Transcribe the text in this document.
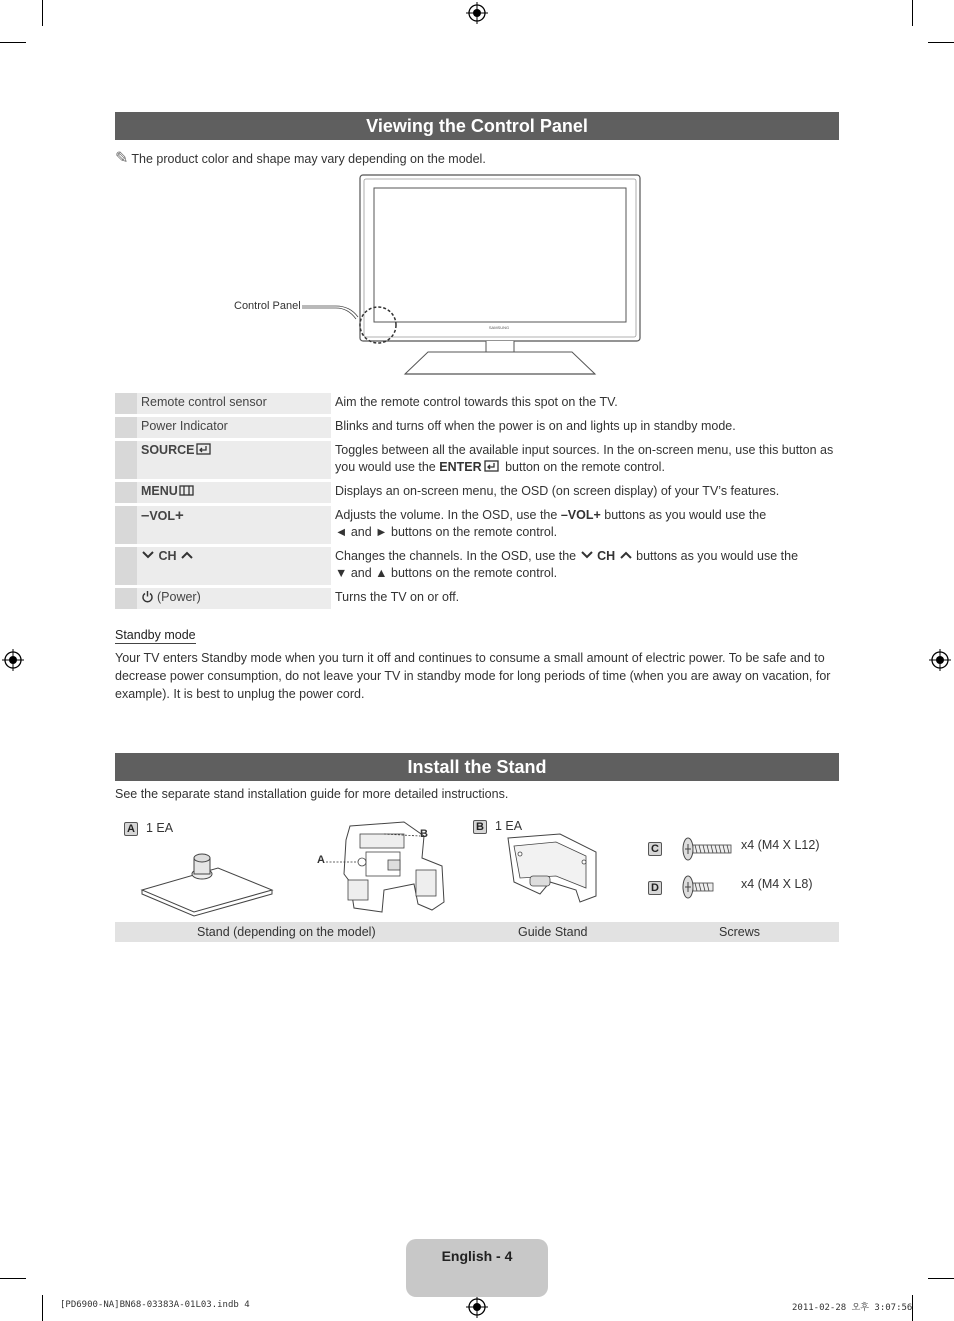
Viewing the Control Panel
✎ The product color and shape may vary depending on the model.
SAMSUNG
Control Panel
	Remote control sensor	Aim the remote control towards this spot on the TV.
	Power Indicator	Blinks and turns off when the power is on and lights up in standby mode.
	SOURCE	Toggles between all the available input sources. In the on-screen menu, use this button as you would use the ENTER button on the remote control.
	MENU	Displays an on-screen menu, the OSD (on screen display) of your TV’s features.
	–VOL+	Adjusts the volume. In the OSD, use the –VOL+ buttons as you would use the
◄ and ► buttons on the remote control.
	CH	Changes the channels. In the OSD, use the CH buttons as you would use the
▼ and ▲ buttons on the remote control.
	(Power)	Turns the TV on or off.
Standby mode
Your TV enters Standby mode when you turn it off and continues to consume a small amount of electric power. To be safe and to decrease power consumption, do not leave your TV in standby mode for long periods of time (when you are away on vacation, for example). It is best to unplug the power cord.
Install the Stand
See the separate stand installation guide for more detailed instructions.
A 1 EA
A
B
B 1 EA
C	x4 (M4 X L12)
D	x4 (M4 X L8)
Stand (depending on the model)	Guide Stand	Screws
English - 4
[PD6900-NA]BN68-03383A-01L03.indb 4	2011-02-28 오후 3:07:56
